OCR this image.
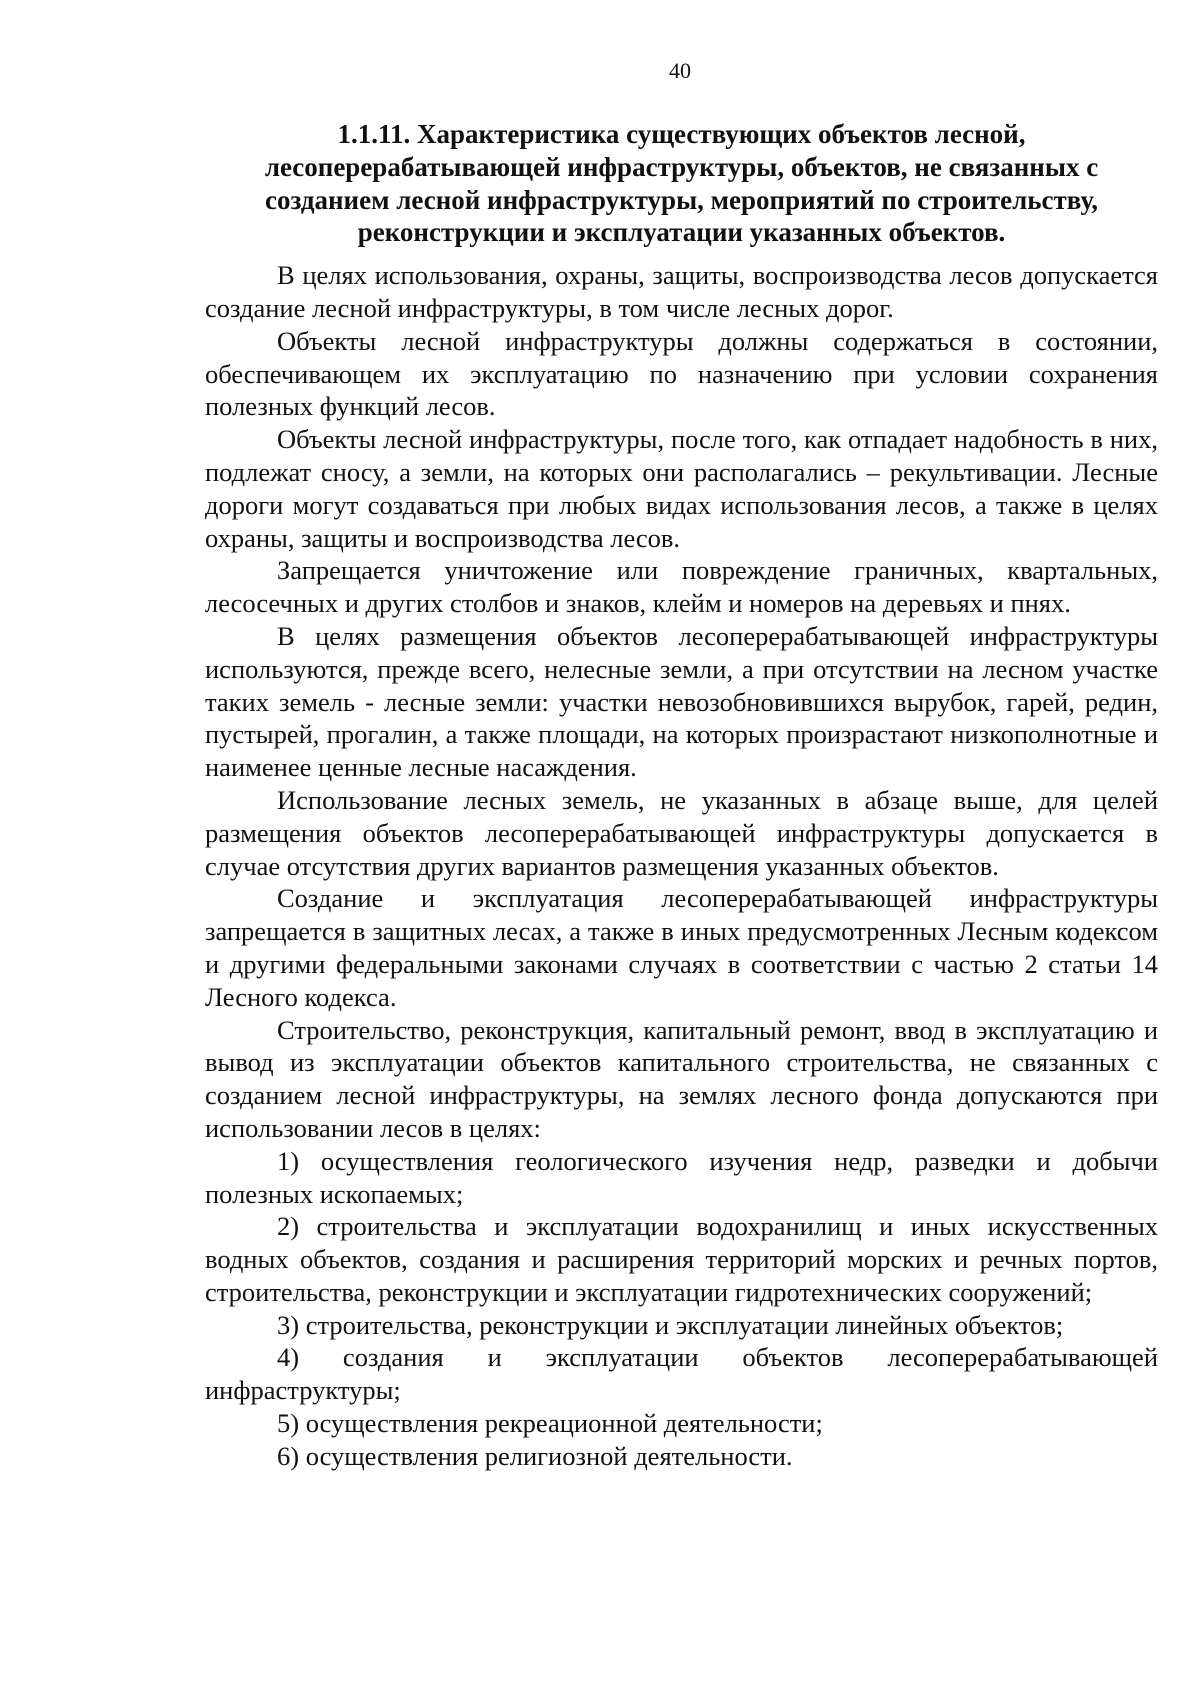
40
1.1.11. Характеристика существующих объектов лесной, лесоперерабатывающей инфраструктуры, объектов, не связанных с созданием лесной инфраструктуры, мероприятий по строительству, реконструкции и эксплуатации указанных объектов.

В целях использования, охраны, защиты, воспроизводства лесов допускается создание лесной инфраструктуры, в том числе лесных дорог.

Объекты лесной инфраструктуры должны содержаться в состоянии, обеспечивающем их эксплуатацию по назначению при условии сохранения полезных функций лесов.

Объекты лесной инфраструктуры, после того, как отпадает надобность в них, подлежат сносу, а земли, на которых они располагались – рекультивации. Лесные дороги могут создаваться при любых видах использования лесов, а также в целях охраны, защиты и воспроизводства лесов.

Запрещается уничтожение или повреждение граничных, квартальных, лесосечных и других столбов и знаков, клейм и номеров на деревьях и пнях.

В целях размещения объектов лесоперерабатывающей инфраструктуры используются, прежде всего, нелесные земли, а при отсутствии на лесном участке таких земель - лесные земли: участки невозобновившихся вырубок, гарей, редин, пустырей, прогалин, а также площади, на которых произрастают низкополнотные и наименее ценные лесные насаждения.

Использование лесных земель, не указанных в абзаце выше, для целей размещения объектов лесоперерабатывающей инфраструктуры допускается в случае отсутствия других вариантов размещения указанных объектов.

Создание и эксплуатация лесоперерабатывающей инфраструктуры запрещается в защитных лесах, а также в иных предусмотренных Лесным кодексом и другими федеральными законами случаях в соответствии с частью 2 статьи 14 Лесного кодекса.

Строительство, реконструкция, капитальный ремонт, ввод в эксплуатацию и вывод из эксплуатации объектов капитального строительства, не связанных с созданием лесной инфраструктуры, на землях лесного фонда допускаются при использовании лесов в целях:

1) осуществления геологического изучения недр, разведки и добычи полезных ископаемых;

2) строительства и эксплуатации водохранилищ и иных искусственных водных объектов, создания и расширения территорий морских и речных портов, строительства, реконструкции и эксплуатации гидротехнических сооружений;

3) строительства, реконструкции и эксплуатации линейных объектов;

4) создания и эксплуатации объектов лесоперерабатывающей инфраструктуры;

5) осуществления рекреационной деятельности;

6) осуществления религиозной деятельности.
